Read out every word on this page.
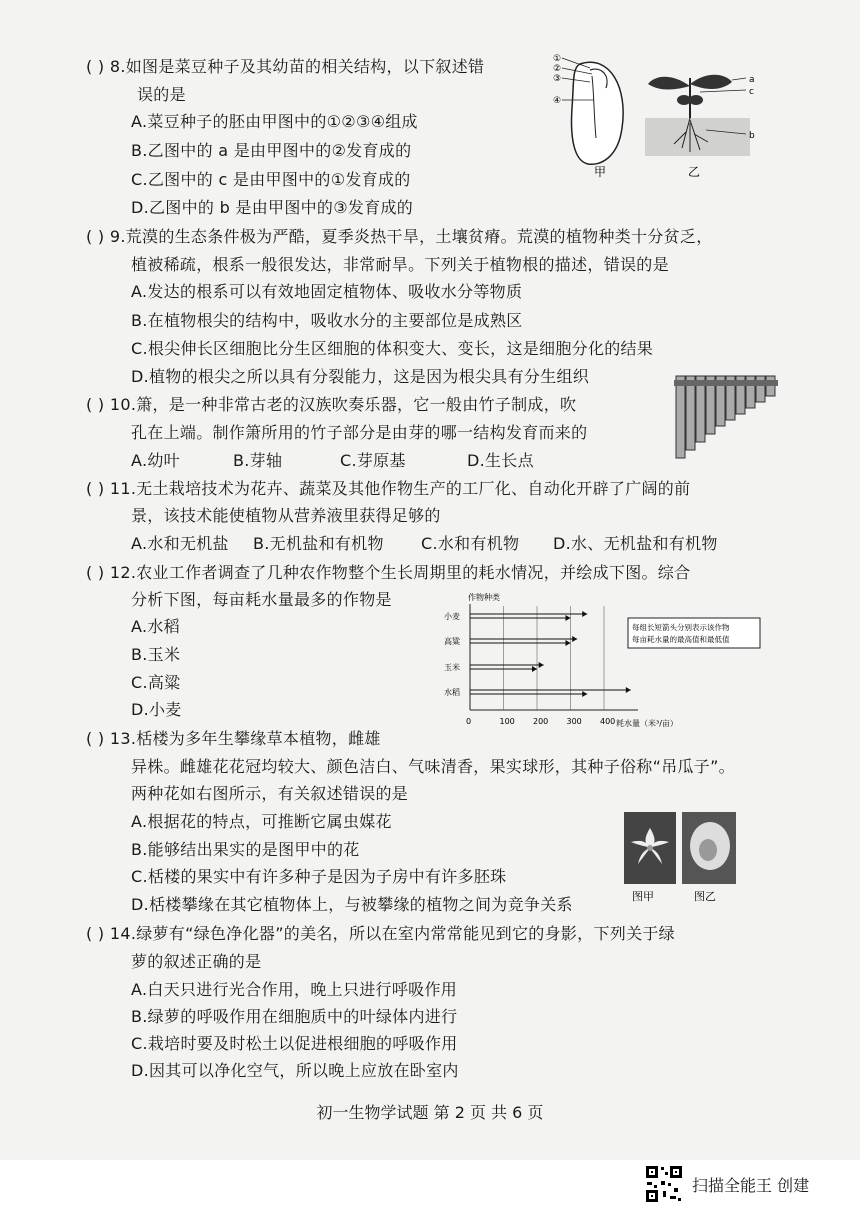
( ) 8.如图是菜豆种子及其幼苗的相关结构，以下叙述错
误的是
A.菜豆种子的胚由甲图中的①②③④组成
B.乙图中的 a 是由甲图中的②发育成的
C.乙图中的 c 是由甲图中的①发育成的
D.乙图中的 b 是由甲图中的③发育成的
①
②
③
④
甲
a
c
b
乙
( ) 9.荒漠的生态条件极为严酷，夏季炎热干旱，土壤贫瘠。荒漠的植物种类十分贫乏，
植被稀疏，根系一般很发达，非常耐旱。下列关于植物根的描述，错误的是
A.发达的根系可以有效地固定植物体、吸收水分等物质
B.在植物根尖的结构中，吸收水分的主要部位是成熟区
C.根尖伸长区细胞比分生区细胞的体积变大、变长，这是细胞分化的结果
D.植物的根尖之所以具有分裂能力，这是因为根尖具有分生组织
( ) 10.箫，是一种非常古老的汉族吹奏乐器，它一般由竹子制成，吹
孔在上端。制作箫所用的竹子部分是由芽的哪一结构发育而来的
A.幼叶	B.芽轴	C.芽原基	D.生长点
( ) 11.无土栽培技术为花卉、蔬菜及其他作物生产的工厂化、自动化开辟了广阔的前
景，该技术能使植物从营养液里获得足够的
A.水和无机盐 B.无机盐和有机物 C.水和有机物 D.水、无机盐和有机物
( ) 12.农业工作者调查了几种农作物整个生长周期里的耗水情况，并绘成下图。综合
分析下图，每亩耗水量最多的作物是
A.水稻
B.玉米
C.高粱
D.小麦
作物种类
小麦
高粱
玉米
水稻
0	100 200 300 400 耗水量（米³/亩）
每组长短箭头分别表示该作物
每亩耗水量的最高值和最低值
( ) 13.栝楼为多年生攀缘草本植物，雌雄
异株。雌雄花花冠均较大、颜色洁白、气味清香，果实球形，其种子俗称“吊瓜子”。
两种花如右图所示，有关叙述错误的是
A.根据花的特点，可推断它属虫媒花
B.能够结出果实的是图甲中的花
C.栝楼的果实中有许多种子是因为子房中有许多胚珠
D.栝楼攀缘在其它植物体上，与被攀缘的植物之间为竞争关系	图甲	图乙
( ) 14.绿萝有“绿色净化器”的美名，所以在室内常常能见到它的身影，下列关于绿
萝的叙述正确的是
A.白天只进行光合作用，晚上只进行呼吸作用
B.绿萝的呼吸作用在细胞质中的叶绿体内进行
C.栽培时要及时松土以促进根细胞的呼吸作用
D.因其可以净化空气，所以晚上应放在卧室内
初一生物学试题 第 2 页 共 6 页
扫描全能王 创建
